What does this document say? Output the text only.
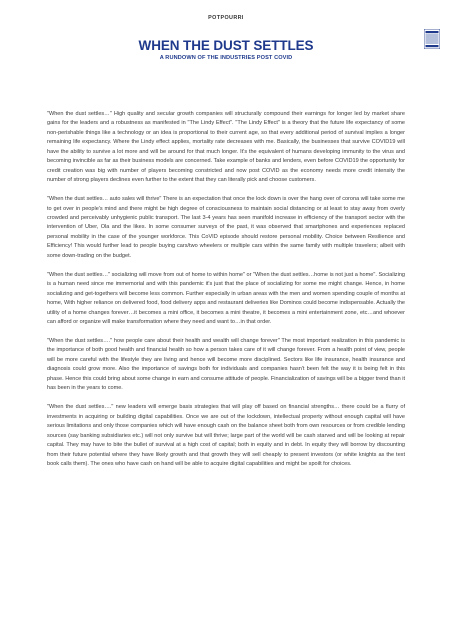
POTPOURRI
WHEN THE DUST SETTLES
A RUNDOWN OF THE INDUSTRIES POST COVID

"When the dust settles…" High quality and secular growth companies will structurally compound their earnings for longer led by market share gains for the leaders and a robustness as manifested in "The Lindy Effect". "The Lindy Effect" is a theory that the future life expectancy of some non-perishable things like a technology or an idea is proportional to their current age, so that every additional period of survival implies a longer remaining life expectancy. Where the Lindy effect applies, mortality rate decreases with me. Basically, the businesses that survive COVID19 will have the ability to survive a lot more and will be around for that much longer. It's the equivalent of humans developing immunity to the virus and becoming invincible as far as their business models are concerned. Take example of banks and lenders, even before COVID19 the opportunity for credit creation was big with number of players becoming constricted and now post COVID as the economy needs more credit intensity the number of strong players declines even further to the extent that they can literally pick and choose customers.

"When the dust settles… auto sales will thrive" There is an expectation that once the lock down is over the hang over of corona will take some me to get over in people's mind and there might be high degree of consciousness to maintain social distancing or at least to stay away from overly crowded and perceivably unhygienic public transport. The last 3-4 years has seen manifold increase in efficiency of the transport sector with the intervention of Uber, Ola and the likes. In some consumer surveys of the past, it was observed that smartphones and experiences replaced personal mobility in the case of the younger workforce. This CoVID episode should restore personal mobility. Choice between Resilience and Efficiency! This would further lead to people buying cars/two wheelers or multiple cars within the same family with multiple travelers; albeit with some down-trading on the budget.

"When the dust settles…" socializing will move from out of home to within home" or "When the dust settles…home is not just a home". Socializing is a human need since me immemorial and with this pandemic it's just that the place of socializing for some me might change. Hence, in home socializing and get-togethers will become less common. Further especially in urban areas with the men and women spending couple of months at home, With higher reliance on delivered food, food delivery apps and restaurant deliveries like Dominos could become indispensable. Actually the utility of a home changes forever…it becomes a mini office, it becomes a mini theatre, it becomes a mini entertainment zone, etc…and whoever can afford or organize will make transformation where they need and want to…in that order.

"When the dust settles…." how people care about their health and wealth will change forever" The most important realization in this pandemic is the importance of both good health and financial health so how a person takes care of it will change forever. From a health point of view, people will be more careful with the lifestyle they are living and hence will become more disciplined. Sectors like life insurance, health insurance and diagnosis could grow more. Also the importance of savings both for individuals and companies hasn't been felt the way it is being felt in this phase. Hence this could bring about some change in earn and consume attitude of people. Financialization of savings will be a bigger trend than it has been in the years to come.

"When the dust settles…." new leaders will emerge basis strategies that will play off based on financial strengths… there could be a flurry of investments in acquiring or building digital capabilities. Once we are out of the lockdown, intellectual property without enough capital will have serious limitations and only those companies which will have enough cash on the balance sheet both from own resources or from credible lending sources (say banking subsidiaries etc.) will not only survive but will thrive; large part of the world will be cash starved and will be looking at repair capital. They may have to bite the bullet of survival at a high cost of capital; both in equity and in debt. In equity they will borrow by discounting from their future potential where they have likely growth and that growth they will sell cheaply to present investors (or white knights as the text book calls them). The ones who have cash on hand will be able to acquire digital capabilities and might be spoilt for choices.
